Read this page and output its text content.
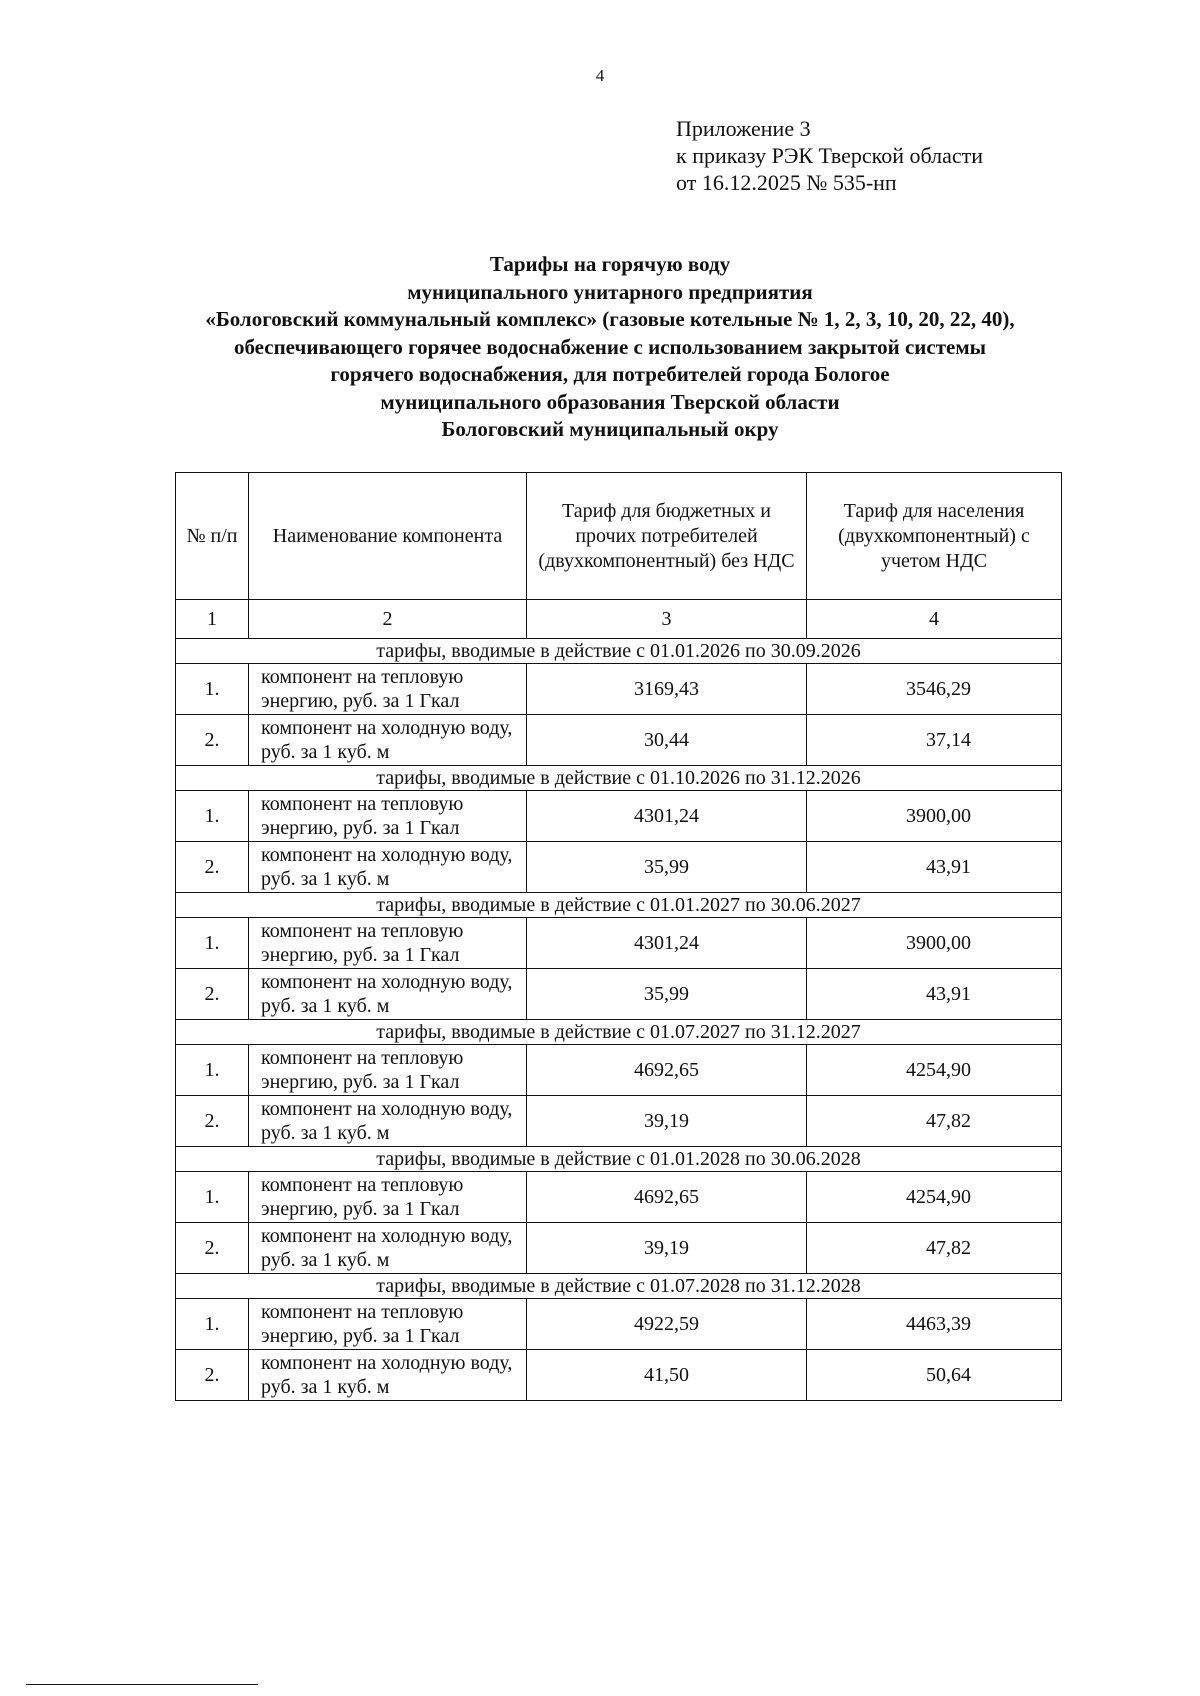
4
Приложение 3
к приказу РЭК Тверской области
от 16.12.2025 № 535-нп
Тарифы на горячую воду
муниципального унитарного предприятия
«Бологовский коммунальный комплекс» (газовые котельные № 1, 2, 3, 10, 20, 22, 40),
обеспечивающего горячее водоснабжение с использованием закрытой системы
горячего водоснабжения, для потребителей города Бологое
муниципального образования Тверской области
Бологовский муниципальный окру
№ п/п	Наименование компонента	Тариф для бюджетных и прочих потребителей (двухкомпонентный) без НДС	Тариф для населения (двухкомпонентный) с учетом НДС

1	2	3	4
тарифы, вводимые в действие с 01.01.2026 по 30.09.2026			
1.	компонент на тепловую энергию, руб. за 1 Гкал	3169,43	3546,29
2.	компонент на холодную воду, руб. за 1 куб. м	30,44	37,14
тарифы, вводимые в действие с 01.10.2026 по 31.12.2026			
1.	компонент на тепловую энергию, руб. за 1 Гкал	4301,24	3900,00
2.	компонент на холодную воду, руб. за 1 куб. м	35,99	43,91
тарифы, вводимые в действие с 01.01.2027 по 30.06.2027			
1.	компонент на тепловую энергию, руб. за 1 Гкал	4301,24	3900,00
2.	компонент на холодную воду, руб. за 1 куб. м	35,99	43,91
тарифы, вводимые в действие с 01.07.2027 по 31.12.2027			
1.	компонент на тепловую энергию, руб. за 1 Гкал	4692,65	4254,90
2.	компонент на холодную воду, руб. за 1 куб. м	39,19	47,82
тарифы, вводимые в действие с 01.01.2028 по 30.06.2028			
1.	компонент на тепловую энергию, руб. за 1 Гкал	4692,65	4254,90
2.	компонент на холодную воду, руб. за 1 куб. м	39,19	47,82
тарифы, вводимые в действие с 01.07.2028 по 31.12.2028			
1.	компонент на тепловую энергию, руб. за 1 Гкал	4922,59	4463,39
2.	компонент на холодную воду, руб. за 1 куб. м	41,50	50,64
